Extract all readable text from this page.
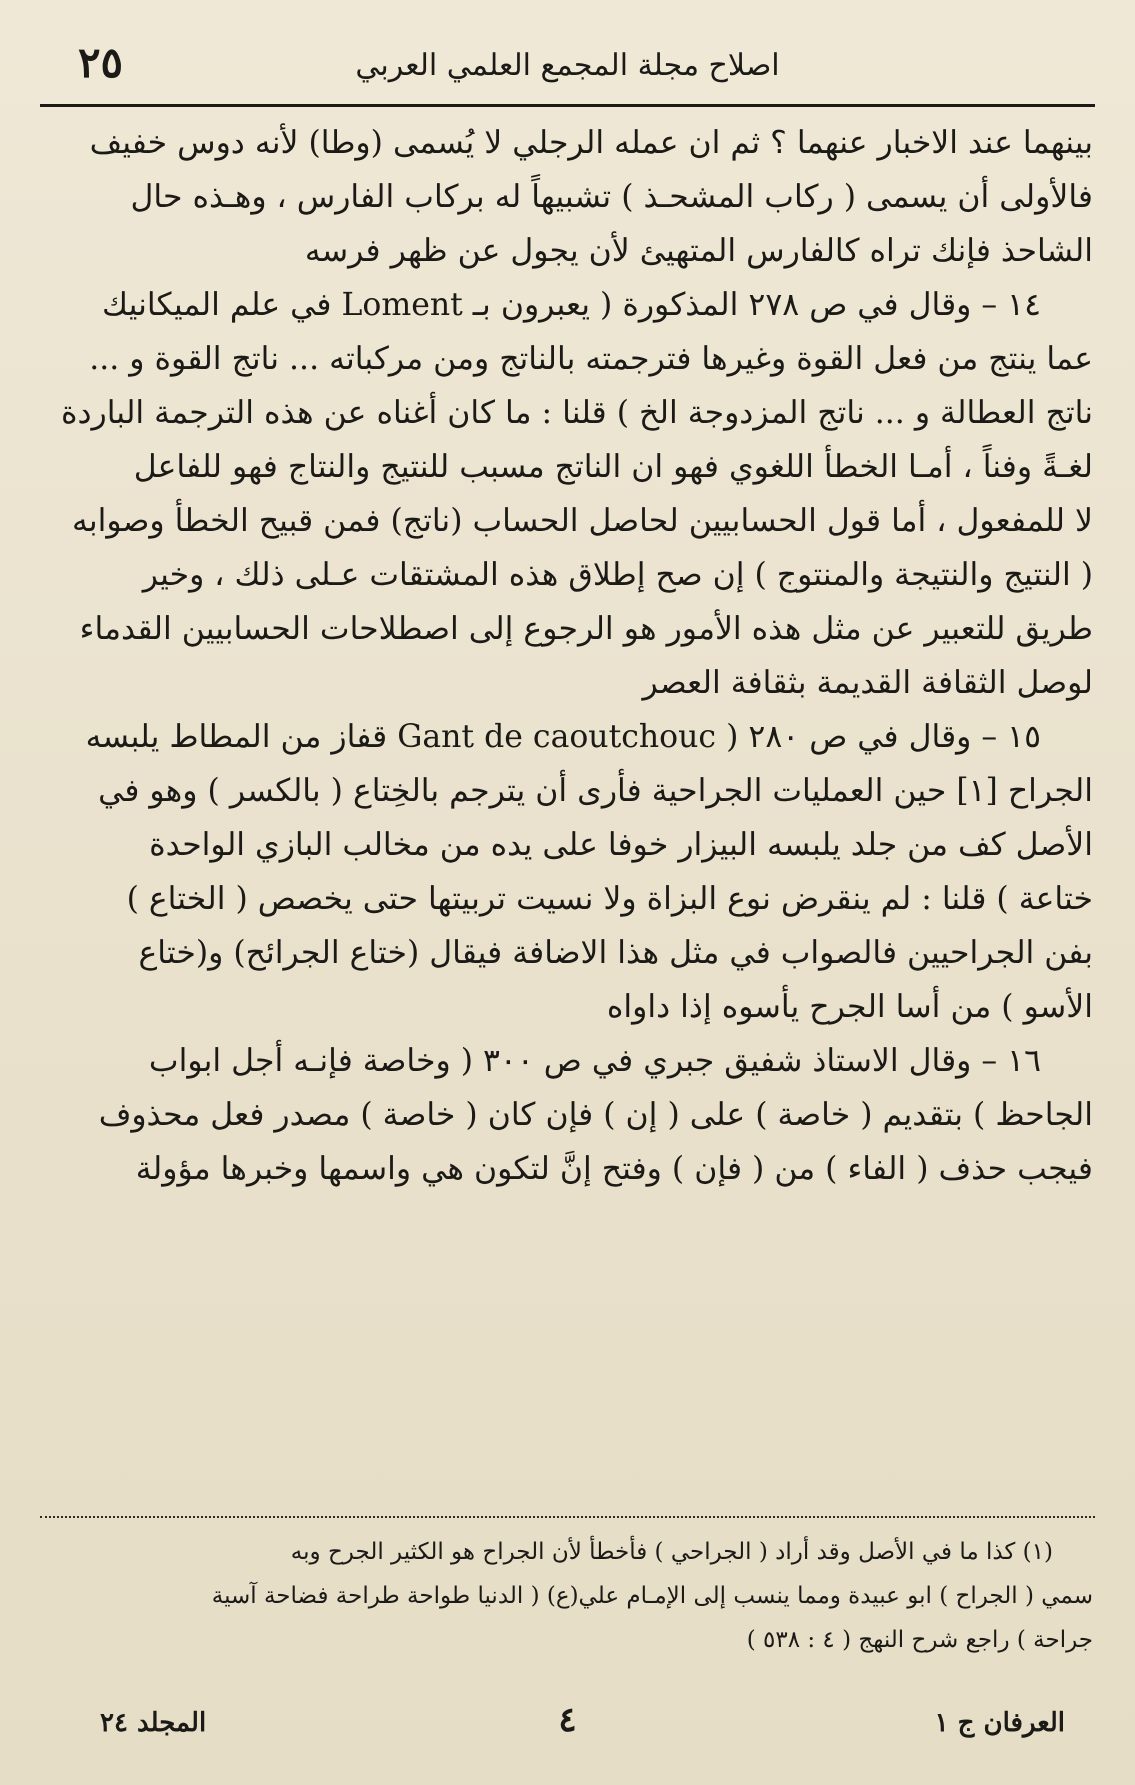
٢٥	اصلاح مجلة المجمع العلمي العربي
بينهما عند الاخبار عنهما ؟ ثم ان عمله الرجلي لا يُسمى (وطا) لأنه دوس خفيف
فالأولى أن يسمى ( ركاب المشحـذ ) تشبيهاً له بركاب الفارس ، وهـذه حال
الشاحذ فإنك تراه كالفارس المتهيئ لأن يجول عن ظهر فرسه
١٤ – وقال في ص ٢٧٨ المذكورة ( يعبرون بـ Loment في علم الميكانيك
عما ينتج من فعل القوة وغيرها فترجمته بالناتج ومن مركباته ... ناتج القوة و ...
ناتج العطالة و ... ناتج المزدوجة الخ ) قلنا : ما كان أغناه عن هذه الترجمة الباردة
لغـةً وفناً ، أمـا الخطأ اللغوي فهو ان الناتج مسبب للنتيج والنتاج فهو للفاعل
لا للمفعول ، أما قول الحسابيين لحاصل الحساب (ناتج) فمن قبيح الخطأ وصوابه
( النتيج والنتيجة والمنتوج ) إن صح إطلاق هذه المشتقات عـلى ذلك ، وخير
طريق للتعبير عن مثل هذه الأمور هو الرجوع إلى اصطلاحات الحسابيين القدماء
لوصل الثقافة القديمة بثقافة العصر
١٥ – وقال في ص ٢٨٠ ( Gant de caoutchouc قفاز من المطاط يلبسه
الجراح [١] حين العمليات الجراحية فأرى أن يترجم بالخِتاع ( بالكسر ) وهو في
الأصل كف من جلد يلبسه البيزار خوفا على يده من مخالب البازي الواحدة
ختاعة ) قلنا : لم ينقرض نوع البزاة ولا نسيت تربيتها حتى يخصص ( الختاع )
بفن الجراحيين فالصواب في مثل هذا الاضافة فيقال (ختاع الجرائح) و(ختاع
الأسو ) من أسا الجرح يأسوه إذا داواه
١٦ – وقال الاستاذ شفيق جبري في ص ٣٠٠ ( وخاصة فإنـه أجل ابواب
الجاحظ ) بتقديم ( خاصة ) على ( إن ) فإن كان ( خاصة ) مصدر فعل محذوف
فيجب حذف ( الفاء ) من ( فإن ) وفتح إنَّ لتكون هي واسمها وخبرها مؤولة
(١) كذا ما في الأصل وقد أراد ( الجراحي ) فأخطأ لأن الجراح هو الكثير الجرح وبه
سمي ( الجراح ) ابو عبيدة ومما ينسب إلى الإمـام علي(ع) ( الدنيا طواحة طراحة فضاحة آسية
جراحة ) راجع شرح النهج ( ٤ : ٥٣٨ )
المجلد ٢٤	٤	العرفان ج ١
